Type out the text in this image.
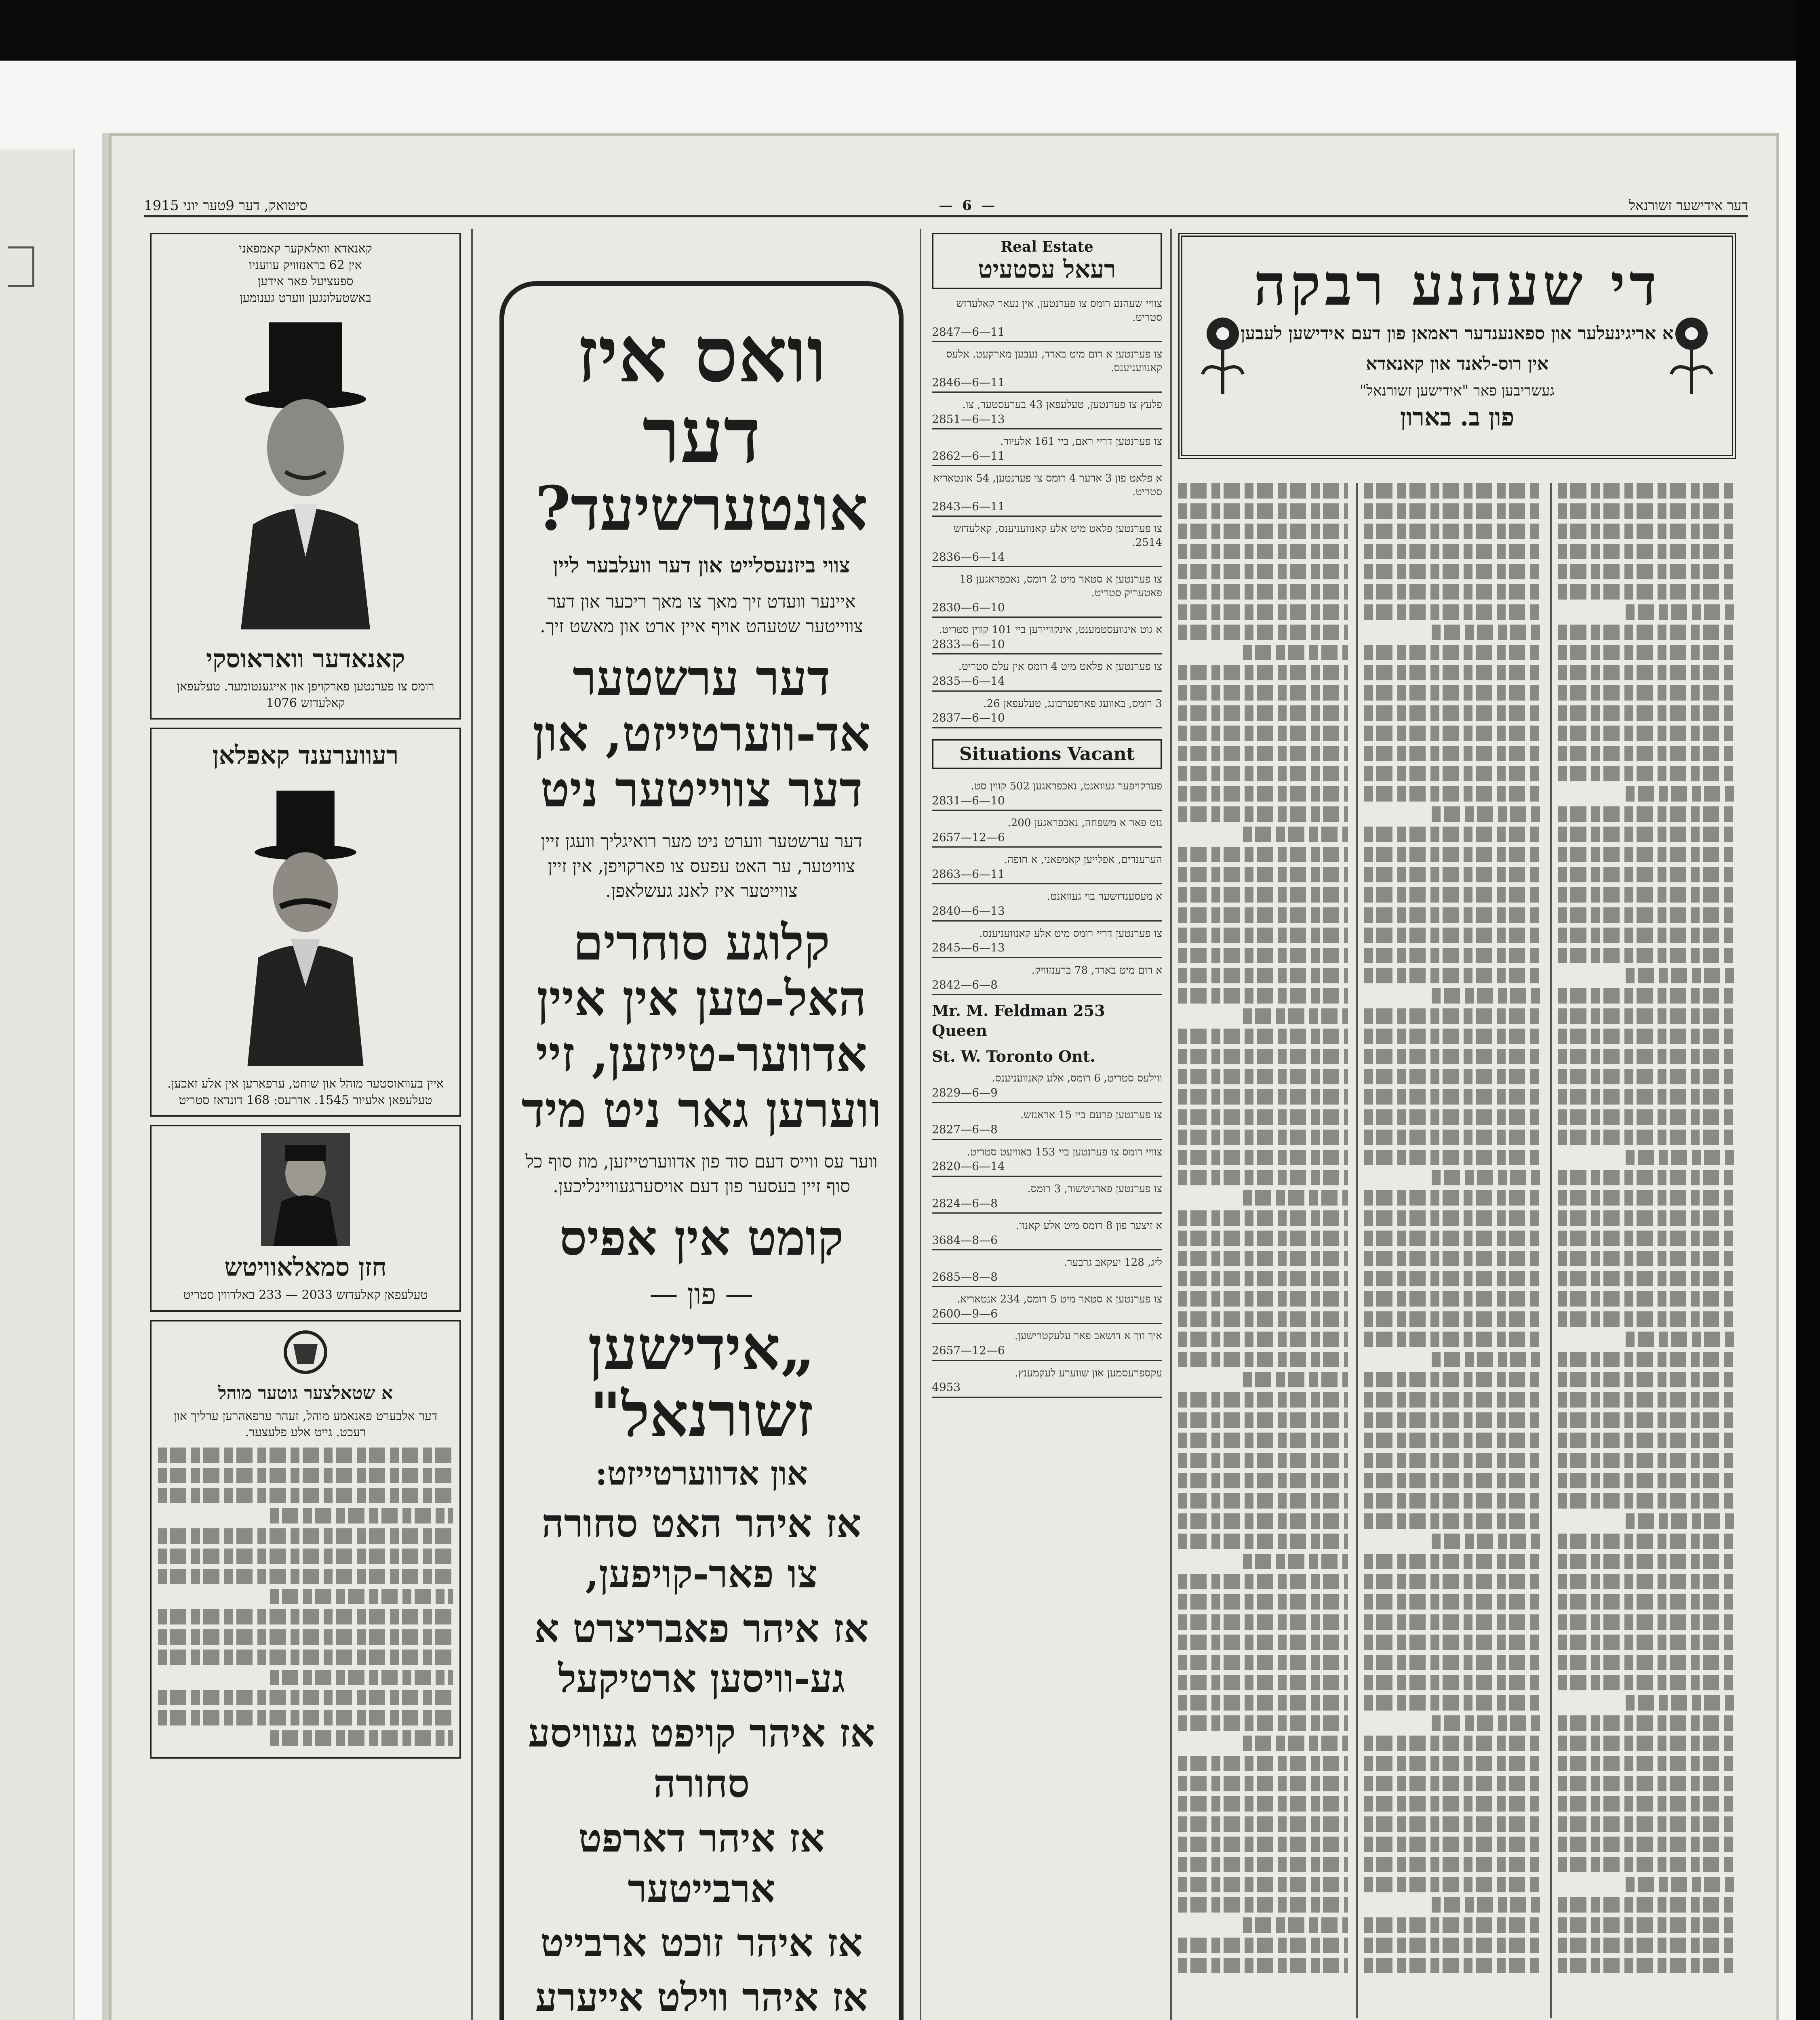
סיטואק, דער 9טער יוני 1915	— 6 —	דער אידישער זשורנאל
קאנאדא וואלאקער קאמפאני
אין 62 בראנזוויק עוועניו
ספעציעל פאר אידען
באשטעלונגען ווערט גענומען
קאנאדער וואראוסקי
רומס צו פערנטען פארקויפן און אייגענטומער. טעלעפאן קאלעדזש 1076
רעווערענד קאפלאן
איין בעוואוסטער מוהל און שוחט, ערפארען אין אלע זאכען. טעלעפאן אלעיור 1545. אדרעס: 168 דונדאז סטריט
חזן סמאלאוויטש
טעלעפאן קאלעדזש 2033 — 233 באלדווין סטריט
א שטאלצער גוטער מוהל
דער אלבערט פאנאמע מוהל, זעהר ערפאהרען ערליך און רעכט. גייט אלע פלעצער.
וואס איז
דער
אונטערשיעד?
צווי ביזנעסלייט און דער וועלבער ליין
איינער וועדט זיך מאך צו מאך ריכער און דער צווייטער שטעהט אויף איין ארט און מאשט זיך.
דער ערשטער אד-ווערטייזט, און דער צווייטער ניט
דער ערשטער ווערט ניט מער רואיגליך וועגן זיין צוויטער, ער האט עפעס צו פארקויפן, אין זיין צווייטער איז לאנג געשלאפן.
קלוגע סוחרים האל-טען אין איין אדווער-טייזען, זיי ווערען גאר ניט מיד
ווער עס ווייס דעם סוד פון אדווערטייזען, מוז סוף כל סוף זיין בעסער פון דעם אויסערגעוויינליכען.
קומט אין אפיס
— פון —
„אידישען
זשורנאל"
און אדווערטייזט:
אז איהר האט סחורה צו פאר-קויפען,
אז איהר פאבריצרט א גע-וויסען ארטיקעל
אז איהר קויפט געוויסע סחורה
אז איהר דארפט ארבייטער
אז איהר זוכט ארבייט
אז איהר ווילט אייערע
Real Estate
רעאל עסטעיט
צוויי שעהנע רומס צו פערנטען, אין נעאר קאלעדזש סטריט.
2847—6—11
צו פערנטען א רום מיט בארד, נעבען מארקעט. אלעס קאנוועניענס.
2846—6—11
פלעץ צו פערנטען, טעלעפאן 43 בערעסטער, צו.
2851—6—13
צו פערנטען דריי ראם, ביי 161 אלעיור.
2862—6—11
א פלאט פון 3 ארער 4 רומס צו פערנטען, 54 אונטאריא סטריט.
2843—6—11
צו פערנטען פלאט מיט אלע קאנוועניענס, קאלעדזש 2514.
2836—6—14
צו פערנטען א סטאר מיט 2 רומס, נאכפראגען 18 פאטעריק סטריט.
2830—6—10
א גוט אינוועסטמענט, אינקוויירען ביי 101 קווין סטריט.
2833—6—10
צו פערנטען א פלאט מיט 4 רומס אין עלם סטריט.
2835—6—14
3 רומס, באוועג פארפערבונג, טעלעפאן 26.
2837—6—10
Situations Vacant
פערקויפער געוואנט, נאכפראגען 502 קווין סט.
2831—6—10
גוט פאר א משפחה, נאכפראגען 200.
2657—12—6
הערענרים, אפלייען קאמפאני, א חופה.
2863—6—11
א מעסענדזשער בוי געוואנט.
2840—6—13
צו פערנטען דריי רומס מיט אלע קאנוועניענס.
2845—6—13
א רום מיט בארד, 78 ברענזוויק.
2842—6—8
Mr. M. Feldman 253 Queen
St. W. Toronto Ont.
ווילעס סטריט, 6 רומס, אלע קאנוועניענס.
2829—6—9
צו פערנטען פרעם ביי 15 אראנזש.
2827—6—8
צוויי רומס צו פערנטען ביי 153 באוויעט סטריט.
2820—6—14
צו פערנטען פארניטשור, 3 רומס.
2824—6—8
א זיצער פון 8 רומס מיט אלע קאנוו.
3684—8—6
ליג, 128 יעקאב גרבער.
2685—8—8
צו פערנטען א סטאר מיט 5 רומס, 234 אנטאריא.
2600—9—6
איך זוך א דושאב פאר עלעקטרישען.
2657—12—6
עקספרעסמען און שווערע לעקמענץ.
4953
די שעהנע רבקה
א אריגינעלער און ספאנענדער ראמאן פון דעם אידישען לעבען
אין רוס-לאנד און קאנאדא
געשריבען פאר "אידישען זשורנאל"
פון ב. בארון
